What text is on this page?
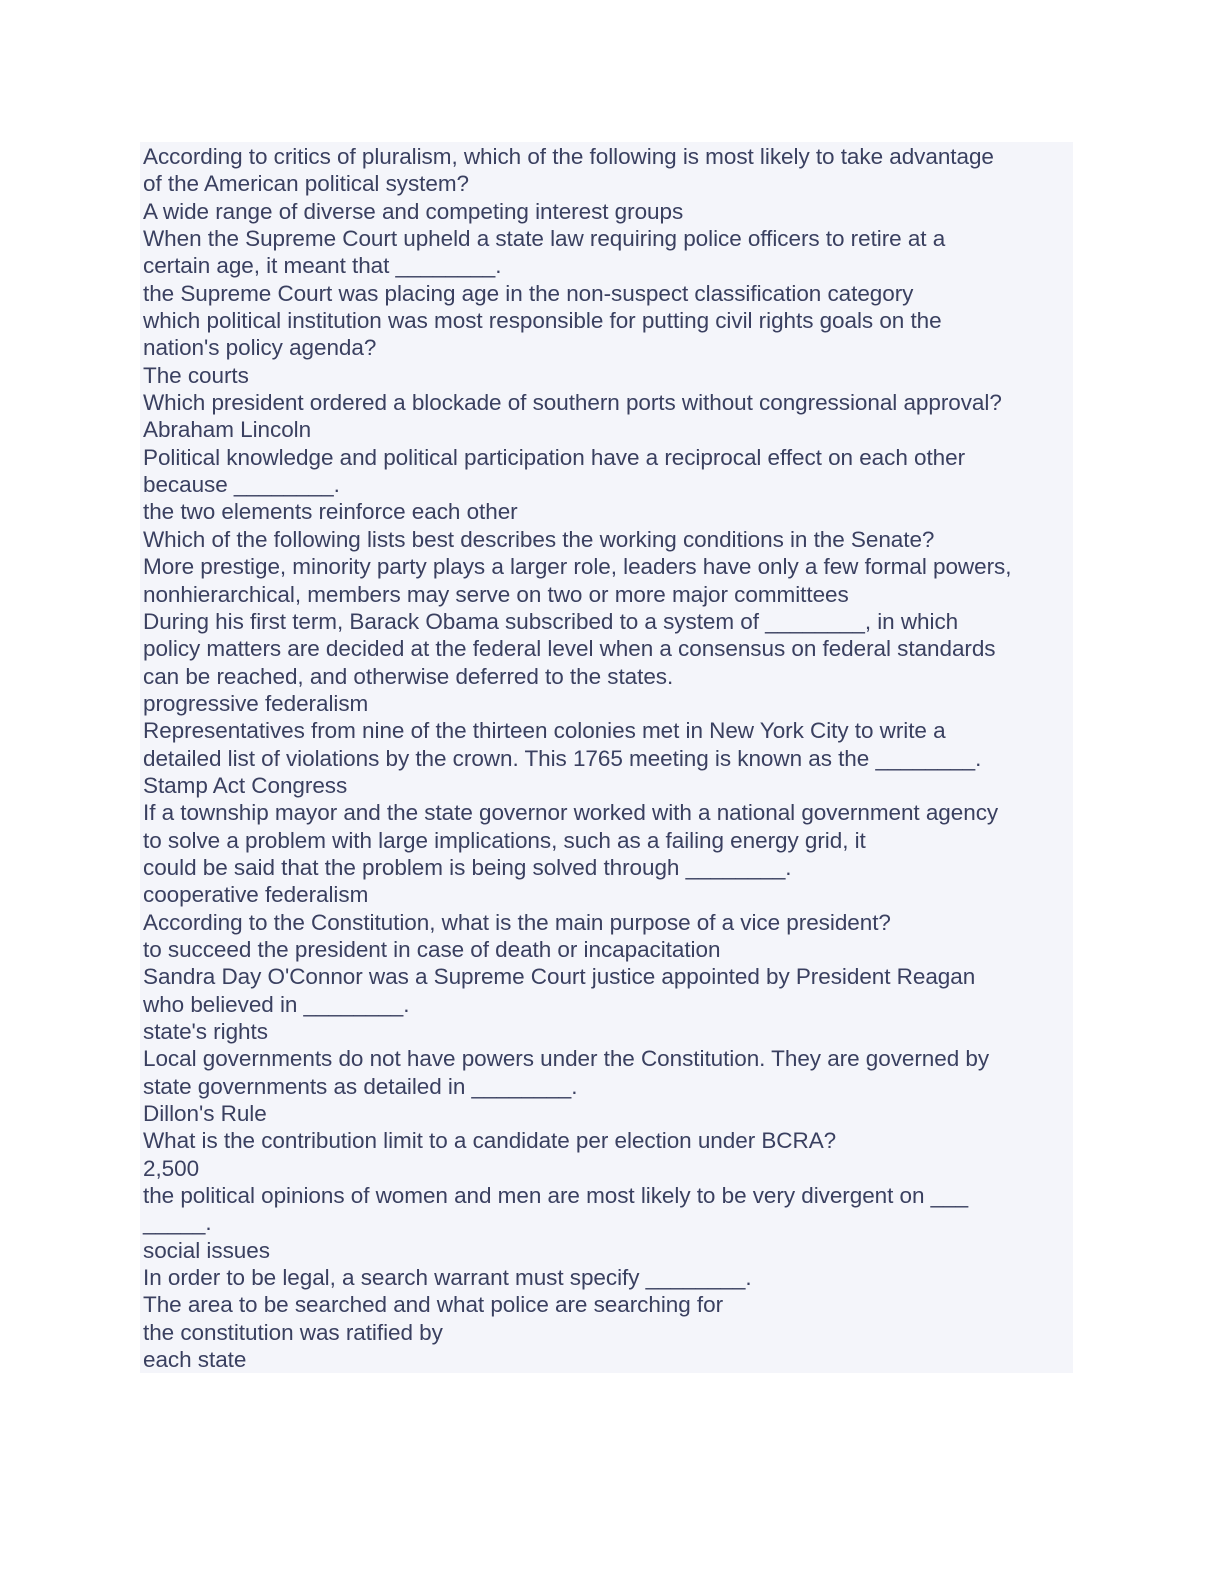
According to critics of pluralism, which of the following is most likely to take advantage
of the American political system?
A wide range of diverse and competing interest groups
When the Supreme Court upheld a state law requiring police officers to retire at a
certain age, it meant that ________.
the Supreme Court was placing age in the non-suspect classification category
which political institution was most responsible for putting civil rights goals on the
nation's policy agenda?
The courts
Which president ordered a blockade of southern ports without congressional approval?
Abraham Lincoln
Political knowledge and political participation have a reciprocal effect on each other
because ________.
the two elements reinforce each other
Which of the following lists best describes the working conditions in the Senate?
More prestige, minority party plays a larger role, leaders have only a few formal powers,
nonhierarchical, members may serve on two or more major committees
During his first term, Barack Obama subscribed to a system of ________, in which
policy matters are decided at the federal level when a consensus on federal standards
can be reached, and otherwise deferred to the states.
progressive federalism
Representatives from nine of the thirteen colonies met in New York City to write a
detailed list of violations by the crown. This 1765 meeting is known as the ________.
Stamp Act Congress
If a township mayor and the state governor worked with a national government agency
to solve a problem with large implications, such as a failing energy grid, it
could be said that the problem is being solved through ________.
cooperative federalism
According to the Constitution, what is the main purpose of a vice president?
to succeed the president in case of death or incapacitation
Sandra Day O'Connor was a Supreme Court justice appointed by President Reagan
who believed in ________.
state's rights
Local governments do not have powers under the Constitution. They are governed by
state governments as detailed in ________.
Dillon's Rule
What is the contribution limit to a candidate per election under BCRA?
2,500
the political opinions of women and men are most likely to be very divergent on ___
_____.
social issues
In order to be legal, a search warrant must specify ________.
The area to be searched and what police are searching for
the constitution was ratified by
each state
